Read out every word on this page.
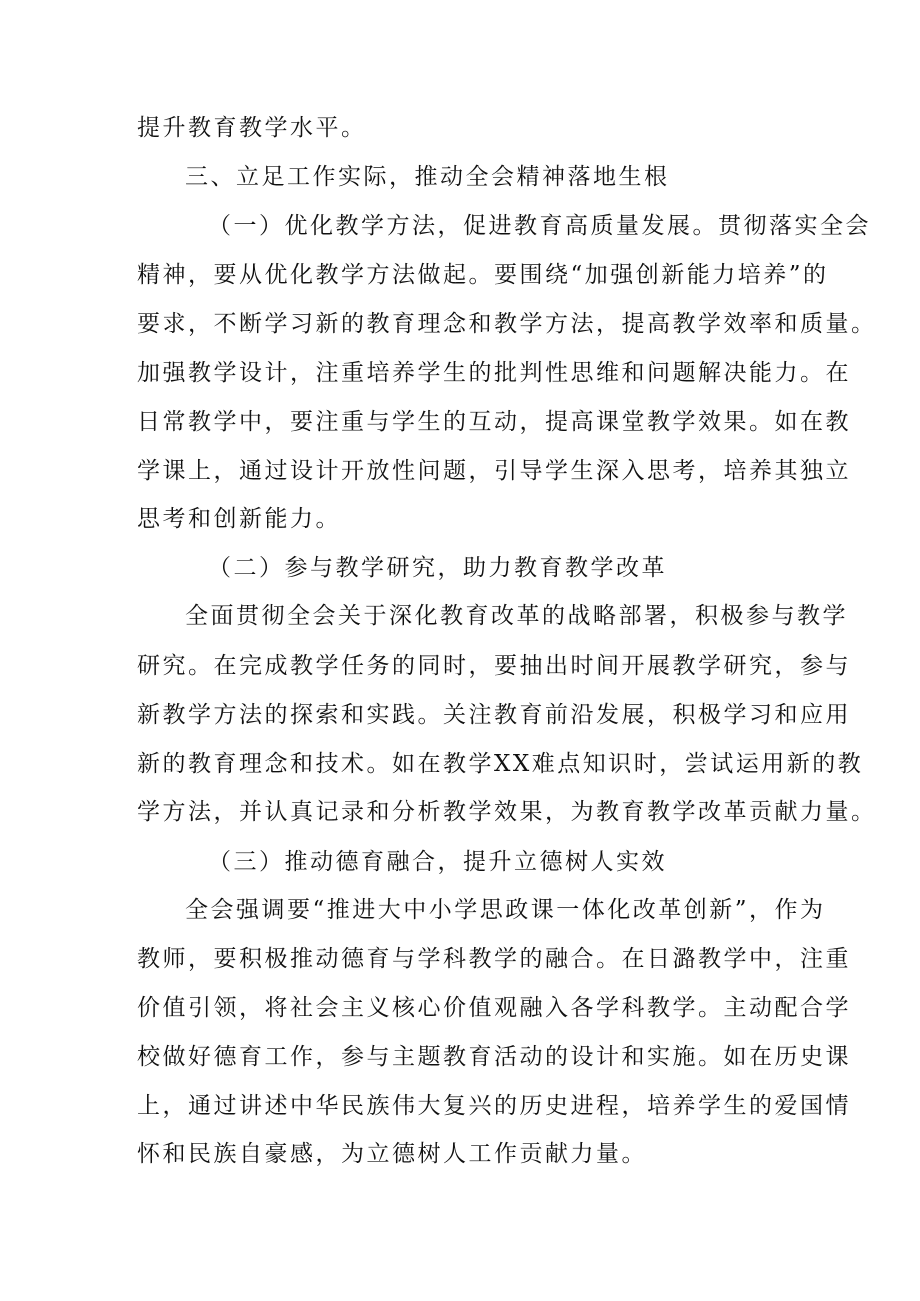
提升教育教学水平。
三、立足工作实际，推动全会精神落地生根
（一）优化教学方法，促进教育高质量发展。贯彻落实全会
精神，要从优化教学方法做起。要围绕“加强创新能力培养”的
要求，不断学习新的教育理念和教学方法，提高教学效率和质量。
加强教学设计，注重培养学生的批判性思维和问题解决能力。在
日常教学中，要注重与学生的互动，提高课堂教学效果。如在教
学课上，通过设计开放性问题，引导学生深入思考，培养其独立
思考和创新能力。
（二）参与教学研究，助力教育教学改革
全面贯彻全会关于深化教育改革的战略部署，积极参与教学
研究。在完成教学任务的同时，要抽出时间开展教学研究，参与
新教学方法的探索和实践。关注教育前沿发展，积极学习和应用
新的教育理念和技术。如在教学XX难点知识时，尝试运用新的教
学方法，并认真记录和分析教学效果，为教育教学改革贡献力量。
（三）推动德育融合，提升立德树人实效
全会强调要“推进大中小学思政课一体化改革创新”，作为
教师，要积极推动德育与学科教学的融合。在日潞教学中，注重
价值引领，将社会主义核心价值观融入各学科教学。主动配合学
校做好德育工作，参与主题教育活动的设计和实施。如在历史课
上，通过讲述中华民族伟大复兴的历史进程，培养学生的爱国情
怀和民族自豪感，为立德树人工作贡献力量。
